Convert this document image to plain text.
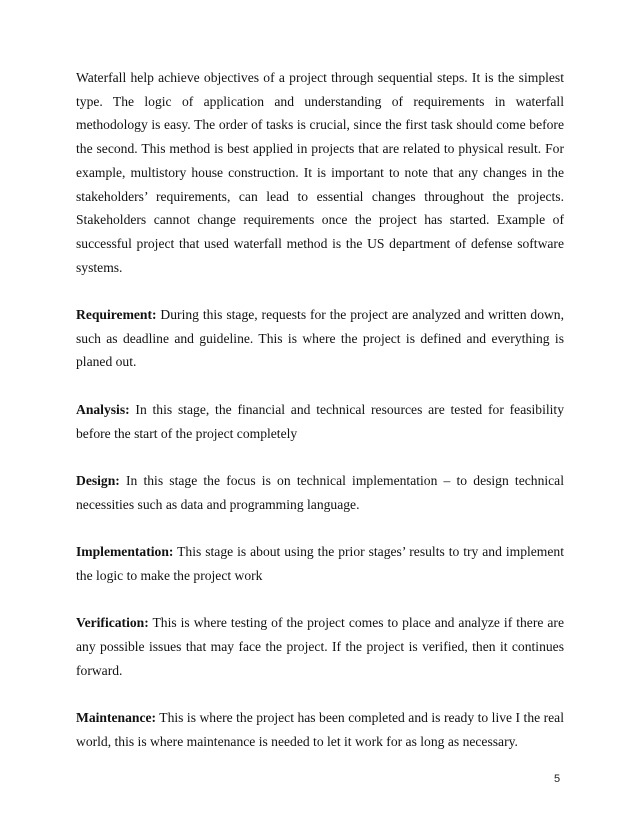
Waterfall help achieve objectives of a project through sequential steps. It is the simplest type. The logic of application and understanding of requirements in waterfall methodology is easy. The order of tasks is crucial, since the first task should come before the second. This method is best applied in projects that are related to physical result. For example, multistory house construction. It is important to note that any changes in the stakeholders’ requirements, can lead to essential changes throughout the projects. Stakeholders cannot change requirements once the project has started. Example of successful project that used waterfall method is the US department of defense software systems.

Requirement: During this stage, requests for the project are analyzed and written down, such as deadline and guideline. This is where the project is defined and everything is planed out.

Analysis: In this stage, the financial and technical resources are tested for feasibility before the start of the project completely

Design: In this stage the focus is on technical implementation – to design technical necessities such as data and programming language.

Implementation: This stage is about using the prior stages’ results to try and implement the logic to make the project work

Verification: This is where testing of the project comes to place and analyze if there are any possible issues that may face the project. If the project is verified, then it continues forward.

Maintenance: This is where the project has been completed and is ready to live I the real world, this is where maintenance is needed to let it work for as long as necessary.

5
